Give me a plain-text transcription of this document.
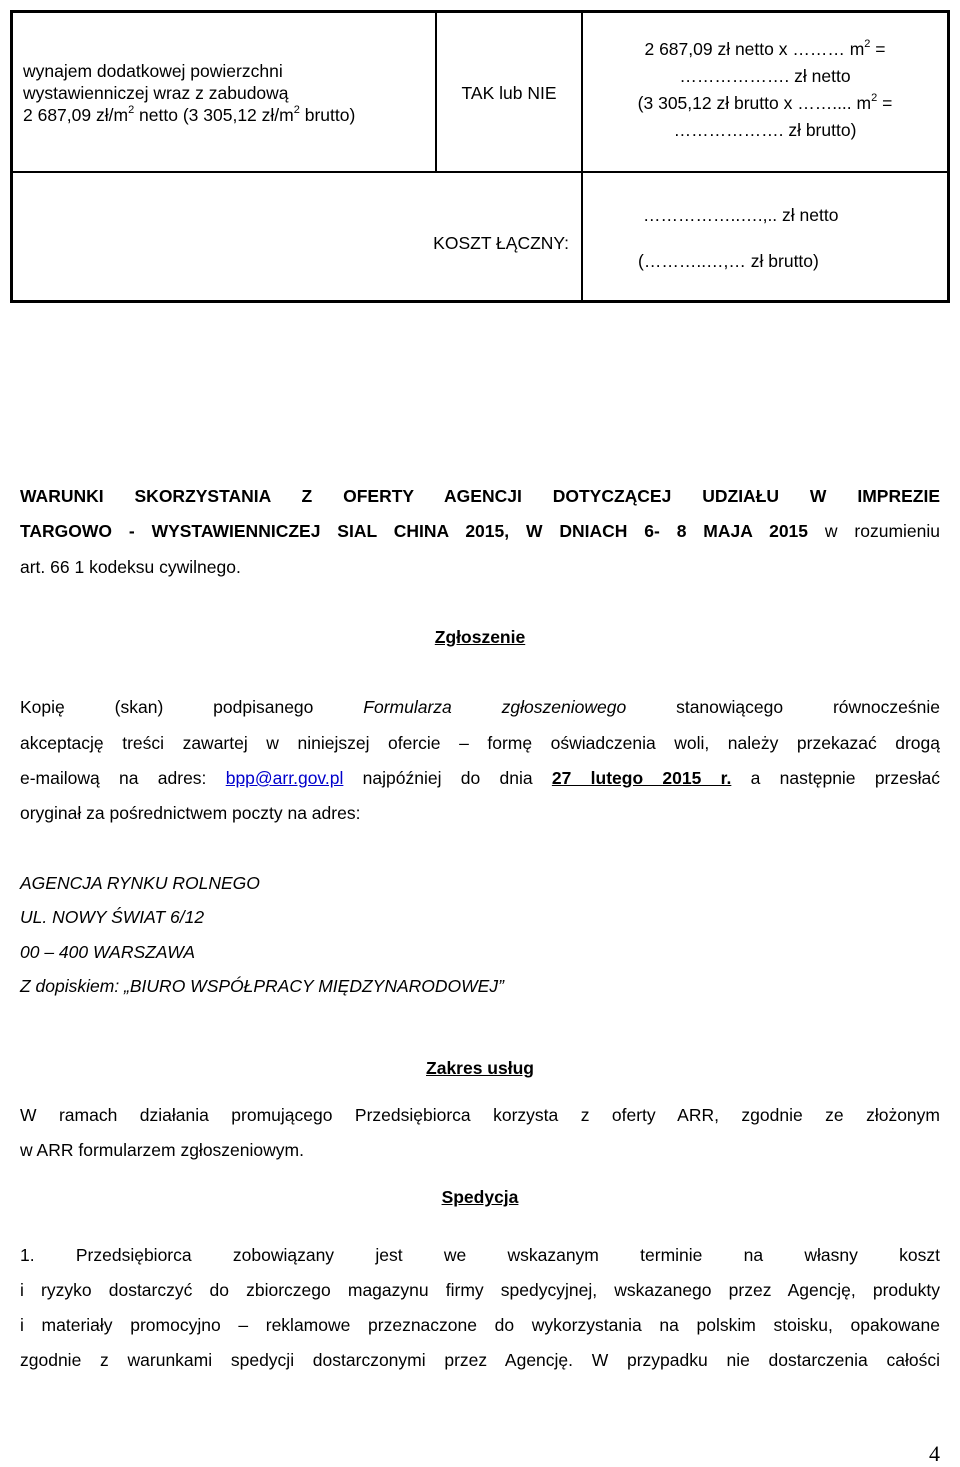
wynajem dodatkowej powierzchni
wystawienniczej wraz z zabudową
2 687,09 $zł/m^2$ netto (3 305,12 $zł/m^2$ brutto)
TAK lub NIE
2 687,09 zł netto x ……… $m^2$ =
………………. zł netto
(3 305,12 zł brutto x …….... $m^2$ =
………………. zł brutto)
KOSZT ŁĄCZNY:
……………..….,.. zł netto
(………..…,… zł brutto)
WARUNKI SKORZYSTANIA Z OFERTY AGENCJI DOTYCZĄCEJ UDZIAŁU W IMPREZIE
TARGOWO - WYSTAWIENNICZEJ SIAL CHINA 2015, W DNIACH 6- 8 MAJA 2015 w rozumieniu
art. 66 1 kodeksu cywilnego.
Zgłoszenie
Kopię (skan) podpisanego Formularza zgłoszeniowego stanowiącego równocześnie
akceptację treści zawartej w niniejszej ofercie – formę oświadczenia woli, należy przekazać drogą
e-mailową na adres: bpp@arr.gov.pl najpóźniej do dnia 27 lutego 2015 r. a następnie przesłać
oryginał za pośrednictwem poczty na adres:
AGENCJA RYNKU ROLNEGO
UL. NOWY ŚWIAT 6/12
00 – 400 WARSZAWA
Z dopiskiem: „BIURO WSPÓŁPRACY MIĘDZYNARODOWEJ”
Zakres usług
W ramach działania promującego Przedsiębiorca korzysta z oferty ARR, zgodnie ze złożonym
w ARR formularzem zgłoszeniowym.
Spedycja
1. Przedsiębiorca zobowiązany jest we wskazanym terminie na własny koszt
i ryzyko dostarczyć do zbiorczego magazynu firmy spedycyjnej, wskazanego przez Agencję, produkty
i materiały promocyjno – reklamowe przeznaczone do wykorzystania na polskim stoisku, opakowane
zgodnie z warunkami spedycji dostarczonymi przez Agencję. W przypadku nie dostarczenia całości
4
